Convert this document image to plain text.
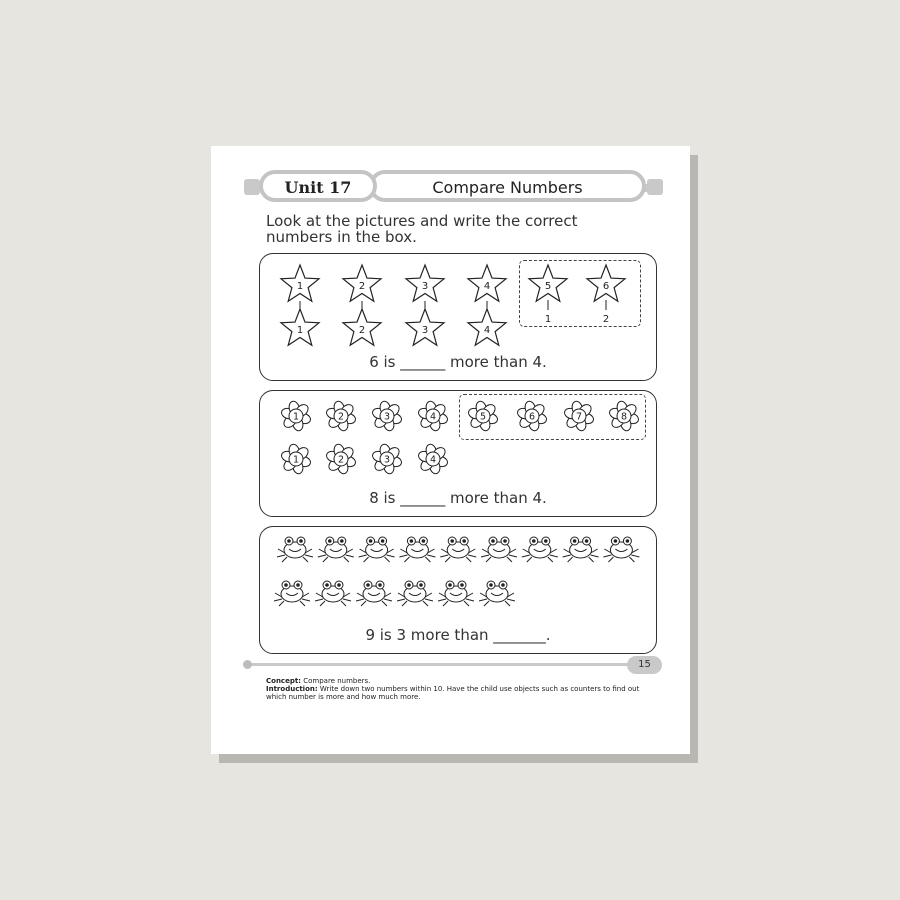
Compare Numbers
Unit 17
Look at the pictures and write the correct numbers in the box.
1	2	3	4	5	6
1	2	3	4
1	2
6 is ______ more than 4.
1	2	3	4	5	6	7	8
1	2	3	4
8 is ______ more than 4.
9 is 3 more than _______.
15
Concept: Compare numbers.
Introduction: Write down two numbers within 10. Have the child use objects such as counters to find out which number is more and how much more.
